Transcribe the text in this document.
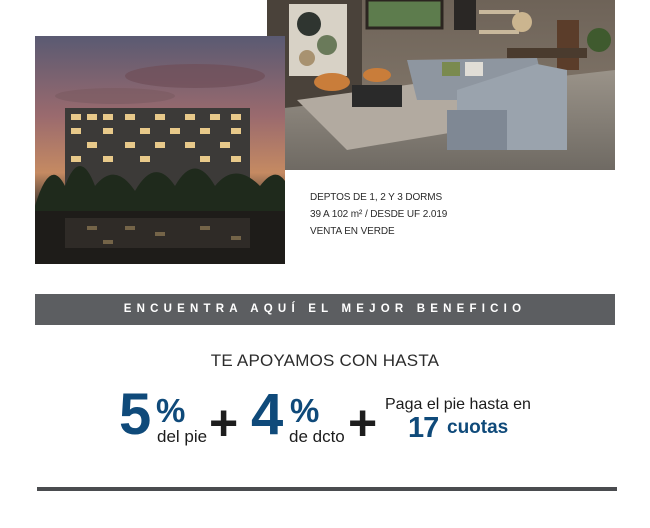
DEPTOS DE 1, 2 Y 3 DORMS
39 A 102 m² / DESDE UF 2.019
VENTA EN VERDE
ENCUENTRA AQUÍ EL MEJOR BENEFICIO
TE APOYAMOS CON HASTA
5 %
del pie + 4 %
de dcto + Paga el pie hasta en
17 cuotas
